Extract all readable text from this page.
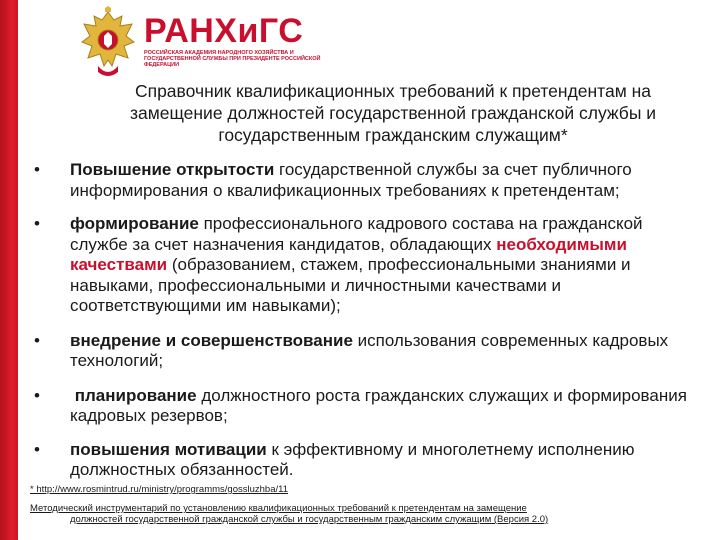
РАНХиГС
РОССИЙСКАЯ АКАДЕМИЯ НАРОДНОГО ХОЗЯЙСТВА И ГОСУДАРСТВЕННОЙ СЛУЖБЫ ПРИ ПРЕЗИДЕНТЕ РОССИЙСКОЙ ФЕДЕРАЦИИ
Справочник квалификационных требований к претендентам на замещение должностей государственной гражданской службы и государственным гражданским служащим*
• Повышение открытости государственной службы за счет публичного информирования о квалификационных требованиях к претендентам;
• формирование профессионального кадрового состава на гражданской службе за счет назначения кандидатов, обладающих необходимыми качествами (образованием, стажем, профессиональными знаниями и навыками, профессиональными и личностными качествами и соответствующими им навыками);
• внедрение и совершенствование использования современных кадровых технологий;
• планирование должностного роста гражданских служащих и формирования кадровых резервов;
• повышения мотивации к эффективному и многолетнему исполнению должностных обязанностей.
* http://www.rosmintrud.ru/ministry/programms/gossluzhba/11
Методический инструментарий по установлению квалификационных требований к претендентам на замещение
должностей государственной гражданской службы и государственным гражданским служащим (Версия 2.0)
